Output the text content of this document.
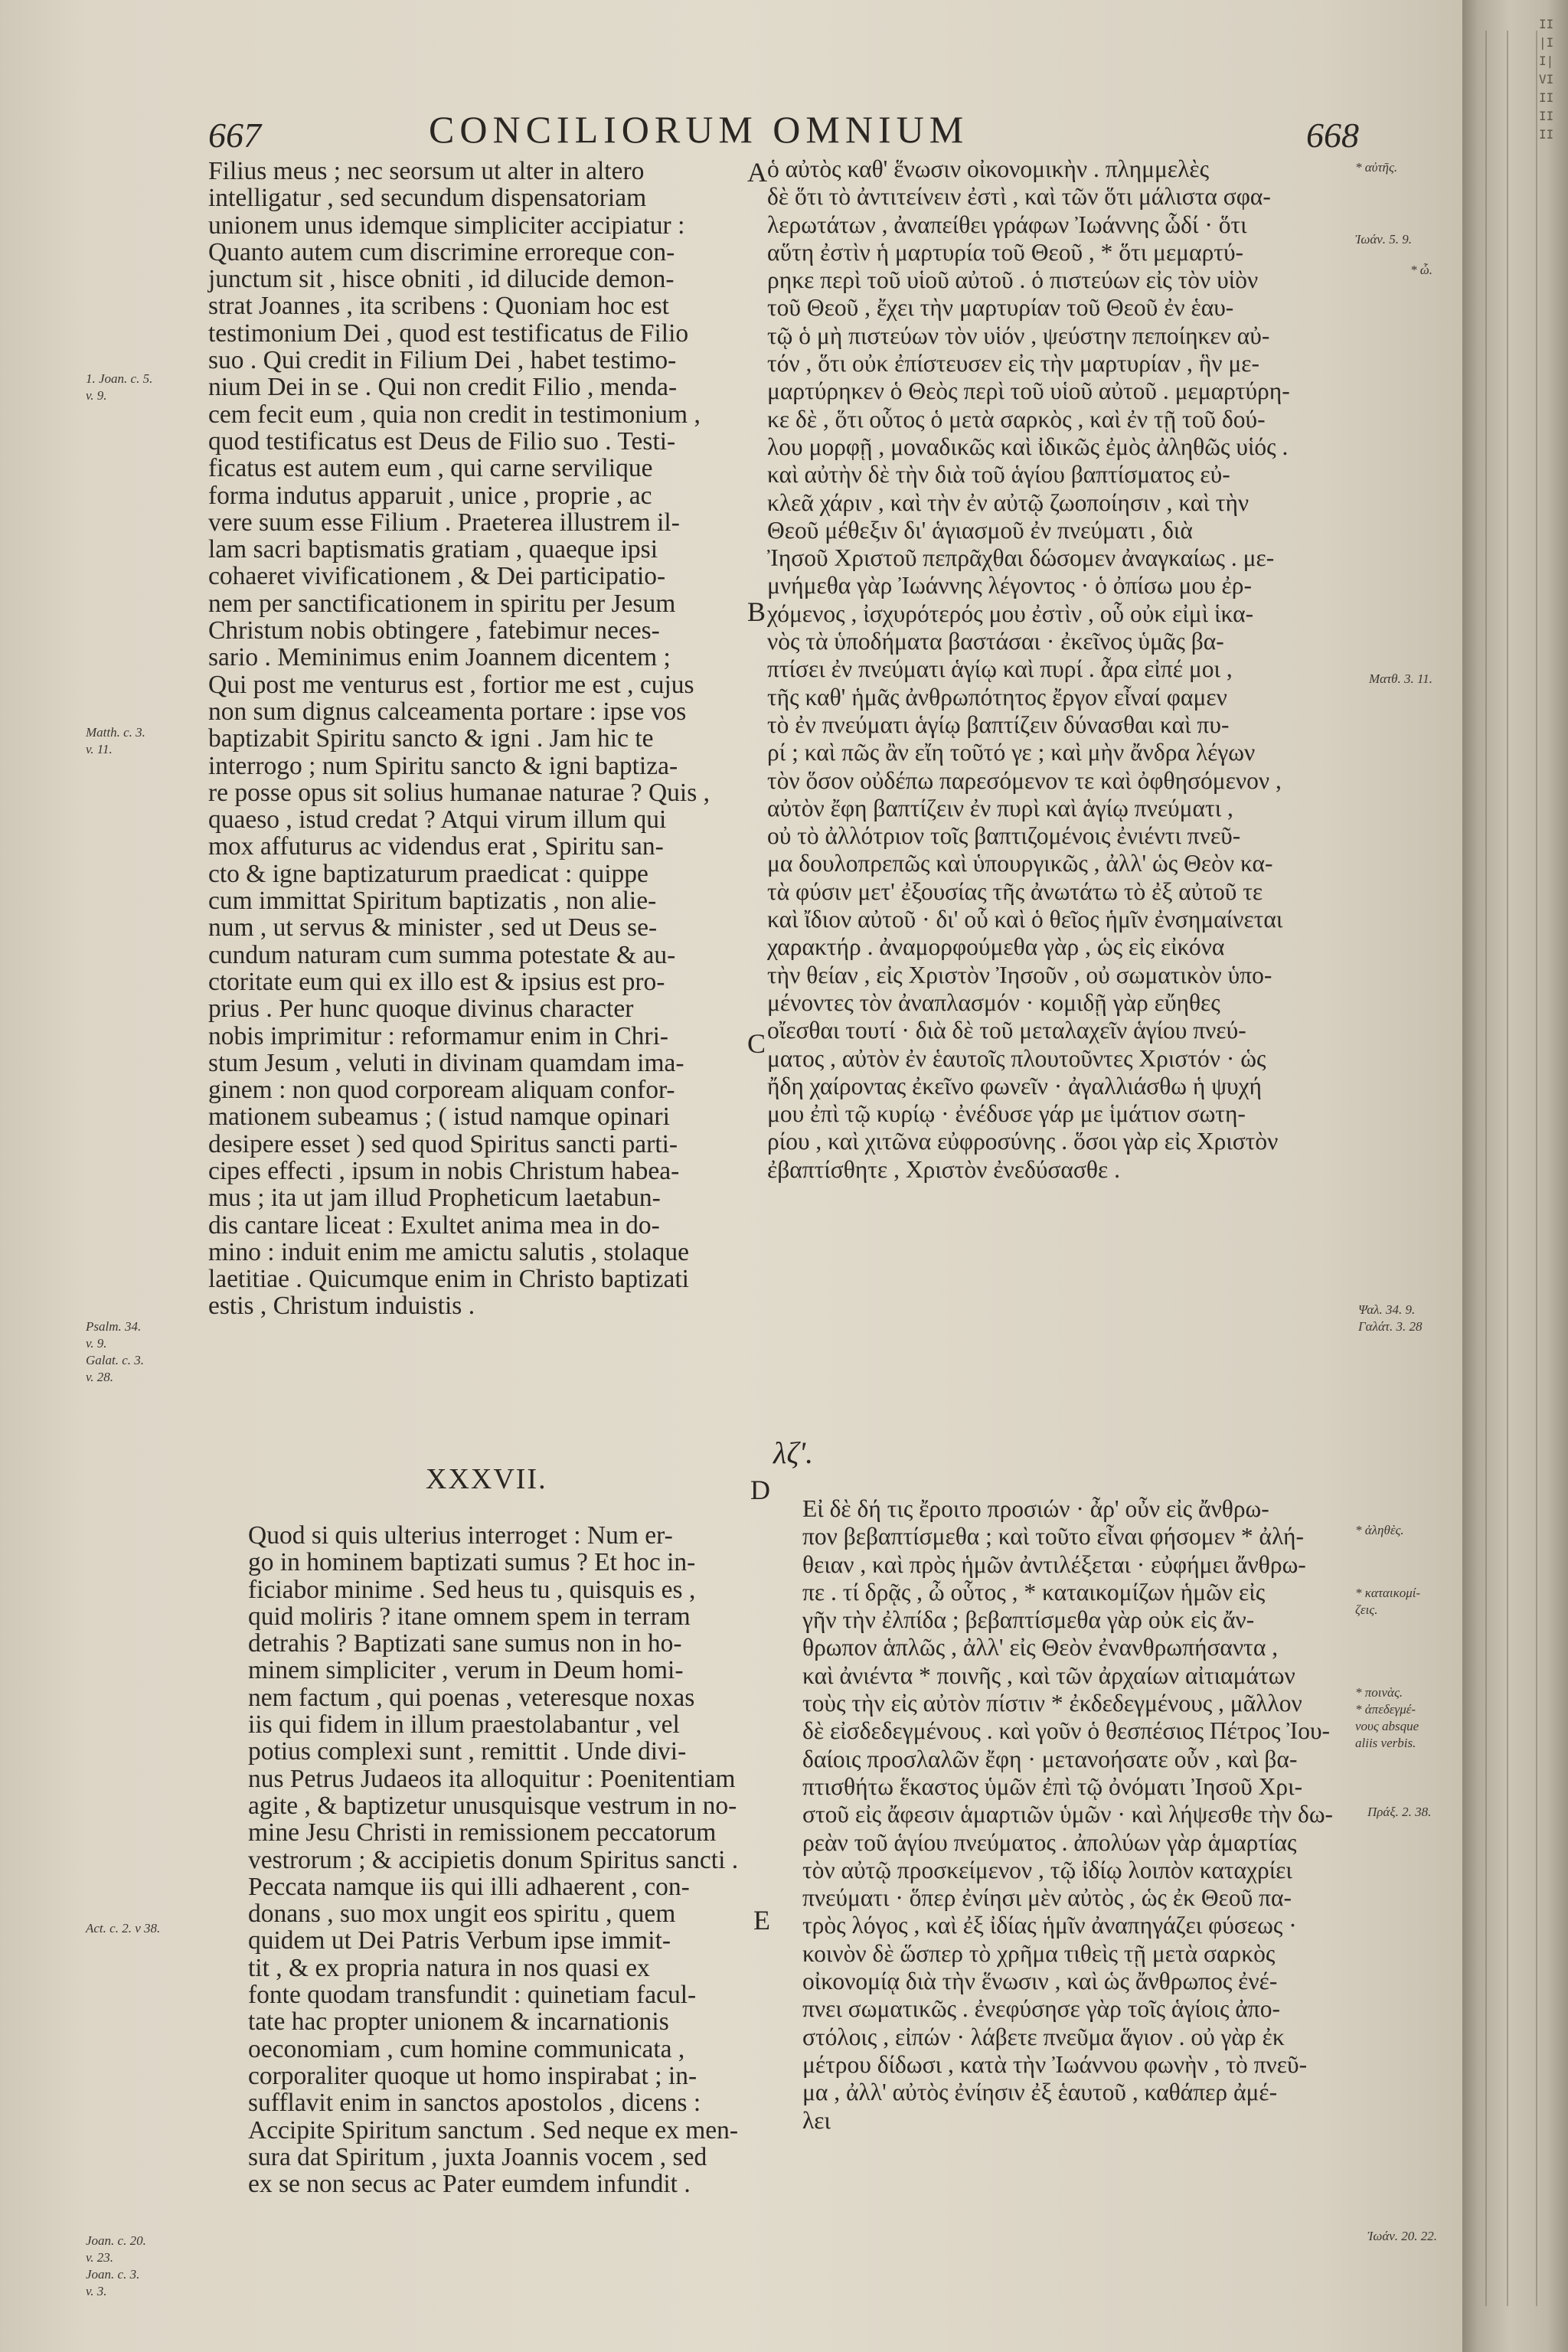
667	CONCILIORUM OMNIUM	668
Filius meus ; nec seorsum ut alter in altero
intelligatur , sed secundum dispensatoriam
unionem unus idemque simpliciter accipiatur :
Quanto autem cum discrimine erroreque con-
junctum sit , hisce obniti , id dilucide demon-
strat Joannes , ita scribens : Quoniam hoc est
testimonium Dei , quod est testificatus de Filio
suo . Qui credit in Filium Dei , habet testimo-
nium Dei in se . Qui non credit Filio , menda-
cem fecit eum , quia non credit in testimonium ,
quod testificatus est Deus de Filio suo . Testi-
ficatus est autem eum , qui carne servilique
forma indutus apparuit , unice , proprie , ac
vere suum esse Filium . Praeterea illustrem il-
lam sacri baptismatis gratiam , quaeque ipsi
cohaeret vivificationem , & Dei participatio-
nem per sanctificationem in spiritu per Jesum
Christum nobis obtingere , fatebimur neces-
sario . Meminimus enim Joannem dicentem ;
Qui post me venturus est , fortior me est , cujus
non sum dignus calceamenta portare : ipse vos
baptizabit Spiritu sancto & igni . Jam hic te
interrogo ; num Spiritu sancto & igni baptiza-
re posse opus sit solius humanae naturae ? Quis ,
quaeso , istud credat ? Atqui virum illum qui
mox affuturus ac videndus erat , Spiritu san-
cto & igne baptizaturum praedicat : quippe
cum immittat Spiritum baptizatis , non alie-
num , ut servus & minister , sed ut Deus se-
cundum naturam cum summa potestate & au-
ctoritate eum qui ex illo est & ipsius est pro-
prius . Per hunc quoque divinus character
nobis imprimitur : reformamur enim in Chri-
stum Jesum , veluti in divinam quamdam ima-
ginem : non quod corpoream aliquam confor-
mationem subeamus ; ( istud namque opinari
desipere esset ) sed quod Spiritus sancti parti-
cipes effecti , ipsum in nobis Christum habea-
mus ; ita ut jam illud Propheticum laetabun-
dis cantare liceat : Exultet anima mea in do-
mino : induit enim me amictu salutis , stolaque
laetitiae . Quicumque enim in Christo baptizati
estis , Christum induistis .
ὁ αὐτὸς καθ' ἕνωσιν οἰκονομικὴν . πλημμελὲς
δὲ ὅτι τὸ ἀντιτείνειν ἐστὶ , καὶ τῶν ὅτι μάλιστα σφα-
λερωτάτων , ἀναπείθει γράφων Ἰωάννης ὧδί · ὅτι
αὕτη ἐστὶν ἡ μαρτυρία τοῦ Θεοῦ , * ὅτι μεμαρτύ-
ρηκε περὶ τοῦ υἱοῦ αὐτοῦ . ὁ πιστεύων εἰς τὸν υἱὸν
τοῦ Θεοῦ , ἔχει τὴν μαρτυρίαν τοῦ Θεοῦ ἐν ἑαυ-
τῷ ὁ μὴ πιστεύων τὸν υἱόν , ψεύστην πεποίηκεν αὐ-
τόν , ὅτι οὐκ ἐπίστευσεν εἰς τὴν μαρτυρίαν , ἣν με-
μαρτύρηκεν ὁ Θεὸς περὶ τοῦ υἱοῦ αὐτοῦ . μεμαρτύρη-
κε δὲ , ὅτι οὗτος ὁ μετὰ σαρκὸς , καὶ ἐν τῇ τοῦ δού-
λου μορφῇ , μοναδικῶς καὶ ἰδικῶς ἐμὸς ἀληθῶς υἱός .
καὶ αὐτὴν δὲ τὴν διὰ τοῦ ἁγίου βαπτίσματος εὐ-
κλεᾶ χάριν , καὶ τὴν ἐν αὐτῷ ζωοποίησιν , καὶ τὴν
Θεοῦ μέθεξιν δι' ἁγιασμοῦ ἐν πνεύματι , διὰ
Ἰησοῦ Χριστοῦ πεπρᾶχθαι δώσομεν ἀναγκαίως . με-
μνήμεθα γὰρ Ἰωάννης λέγοντος · ὁ ὀπίσω μου ἐρ-
χόμενος , ἰσχυρότερός μου ἐστὶν , οὗ οὐκ εἰμὶ ἱκα-
νὸς τὰ ὑποδήματα βαστάσαι · ἐκεῖνος ὑμᾶς βα-
πτίσει ἐν πνεύματι ἁγίῳ καὶ πυρί . ἆρα εἰπέ μοι ,
τῆς καθ' ἡμᾶς ἀνθρωπότητος ἔργον εἶναί φαμεν
τὸ ἐν πνεύματι ἁγίῳ βαπτίζειν δύνασθαι καὶ πυ-
ρί ; καὶ πῶς ἂν εἴη τοῦτό γε ; καὶ μὴν ἄνδρα λέγων
τὸν ὅσον οὐδέπω παρεσόμενον τε καὶ ὀφθησόμενον ,
αὐτὸν ἔφη βαπτίζειν ἐν πυρὶ καὶ ἁγίῳ πνεύματι ,
οὐ τὸ ἀλλότριον τοῖς βαπτιζομένοις ἐνιέντι πνεῦ-
μα δουλοπρεπῶς καὶ ὑπουργικῶς , ἀλλ' ὡς Θεὸν κα-
τὰ φύσιν μετ' ἐξουσίας τῆς ἀνωτάτω τὸ ἐξ αὐτοῦ τε
καὶ ἴδιον αὐτοῦ · δι' οὗ καὶ ὁ θεῖος ἡμῖν ἐνσημαίνεται
χαρακτήρ . ἀναμορφούμεθα γὰρ , ὡς εἰς εἰκόνα
τὴν θείαν , εἰς Χριστὸν Ἰησοῦν , οὐ σωματικὸν ὑπο-
μένοντες τὸν ἀναπλασμόν · κομιδῇ γὰρ εὔηθες
οἴεσθαι τουτί · διὰ δὲ τοῦ μεταλαχεῖν ἁγίου πνεύ-
ματος , αὐτὸν ἐν ἑαυτοῖς πλουτοῦντες Χριστόν · ὡς
ἤδη χαίροντας ἐκεῖνο φωνεῖν · ἀγαλλιάσθω ἡ ψυχή
μου ἐπὶ τῷ κυρίῳ · ἐνέδυσε γάρ με ἱμάτιον σωτη-
ρίου , καὶ χιτῶνα εὐφροσύνης . ὅσοι γὰρ εἰς Χριστὸν
ἐβαπτίσθητε , Χριστὸν ἐνεδύσασθε .
XXXVII.
λζ'.
Quod si quis ulterius interroget : Num er-
go in hominem baptizati sumus ? Et hoc in-
ficiabor minime . Sed heus tu , quisquis es ,
quid moliris ? itane omnem spem in terram
detrahis ? Baptizati sane sumus non in ho-
minem simpliciter , verum in Deum homi-
nem factum , qui poenas , veteresque noxas
iis qui fidem in illum praestolabantur , vel
potius complexi sunt , remittit . Unde divi-
nus Petrus Judaeos ita alloquitur : Poenitentiam
agite , & baptizetur unusquisque vestrum in no-
mine Jesu Christi in remissionem peccatorum
vestrorum ; & accipietis donum Spiritus sancti .
Peccata namque iis qui illi adhaerent , con-
donans , suo mox ungit eos spiritu , quem
quidem ut Dei Patris Verbum ipse immit-
tit , & ex propria natura in nos quasi ex
fonte quodam transfundit : quinetiam facul-
tate hac propter unionem & incarnationis
oeconomiam , cum homine communicata ,
corporaliter quoque ut homo inspirabat ; in-
sufflavit enim in sanctos apostolos , dicens :
Accipite Spiritum sanctum . Sed neque ex men-
sura dat Spiritum , juxta Joannis vocem , sed
ex se non secus ac Pater eumdem infundit .
Εἰ δὲ δή τις ἔροιτο προσιών · ἆρ' οὖν εἰς ἄνθρω-
πον βεβαπτίσμεθα ; καὶ τοῦτο εἶναι φήσομεν * ἀλή-
θειαν , καὶ πρὸς ἡμῶν ἀντιλέξεται · εὐφήμει ἄνθρω-
πε . τί δρᾷς , ὦ οὗτος , * καταικομίζων ἡμῶν εἰς
γῆν τὴν ἐλπίδα ; βεβαπτίσμεθα γὰρ οὐκ εἰς ἄν-
θρωπον ἁπλῶς , ἀλλ' εἰς Θεὸν ἐνανθρωπήσαντα ,
καὶ ἀνιέντα * ποινῆς , καὶ τῶν ἀρχαίων αἰτιαμάτων
τοὺς τὴν εἰς αὐτὸν πίστιν * ἐκδεδεγμένους , μᾶλλον
δὲ εἰσδεδεγμένους . καὶ γοῦν ὁ θεσπέσιος Πέτρος Ἰου-
δαίοις προσλαλῶν ἔφη · μετανοήσατε οὖν , καὶ βα-
πτισθήτω ἕκαστος ὑμῶν ἐπὶ τῷ ὀνόματι Ἰησοῦ Χρι-
στοῦ εἰς ἄφεσιν ἁμαρτιῶν ὑμῶν · καὶ λήψεσθε τὴν δω-
ρεὰν τοῦ ἁγίου πνεύματος . ἀπολύων γὰρ ἁμαρτίας
τὸν αὐτῷ προσκείμενον , τῷ ἰδίῳ λοιπὸν καταχρίει
πνεύματι · ὅπερ ἐνίησι μὲν αὐτὸς , ὡς ἐκ Θεοῦ πα-
τρὸς λόγος , καὶ ἐξ ἰδίας ἡμῖν ἀναπηγάζει φύσεως ·
κοινὸν δὲ ὥσπερ τὸ χρῆμα τιθεὶς τῇ μετὰ σαρκὸς
οἰκονομίᾳ διὰ τὴν ἕνωσιν , καὶ ὡς ἄνθρωπος ἐνέ-
πνει σωματικῶς . ἐνεφύσησε γὰρ τοῖς ἁγίοις ἀπο-
στόλοις , εἰπών · λάβετε πνεῦμα ἅγιον . οὐ γὰρ ἐκ
μέτρου δίδωσι , κατὰ τὴν Ἰωάννου φωνὴν , τὸ πνεῦ-
μα , ἀλλ' αὐτὸς ἐνίησιν ἐξ ἑαυτοῦ , καθάπερ ἀμέ-
λει
A
B
C
D
E
1. Joan. c. 5.
v. 9.
Matth. c. 3.
v. 11.
Psalm. 34.
v. 9.
Galat. c. 3.
v. 28.
Act. c. 2. v 38.
Joan. c. 20.
v. 23.
Joan. c. 3.
v. 3.
* αὐτῆς.
Ἰωάν. 5. 9.
* ὦ.
Ματθ. 3. 11.
Ψαλ. 34. 9.
Γαλάτ. 3. 28
* ἀληθὲς.
* καταικομί-
ζεις.
* ποινὰς.
* ἀπεδεγμέ-
νους absque
aliis verbis.
Πράξ. 2. 38.
Ἰωάν. 20. 22.
II|II|VIIIIIII
